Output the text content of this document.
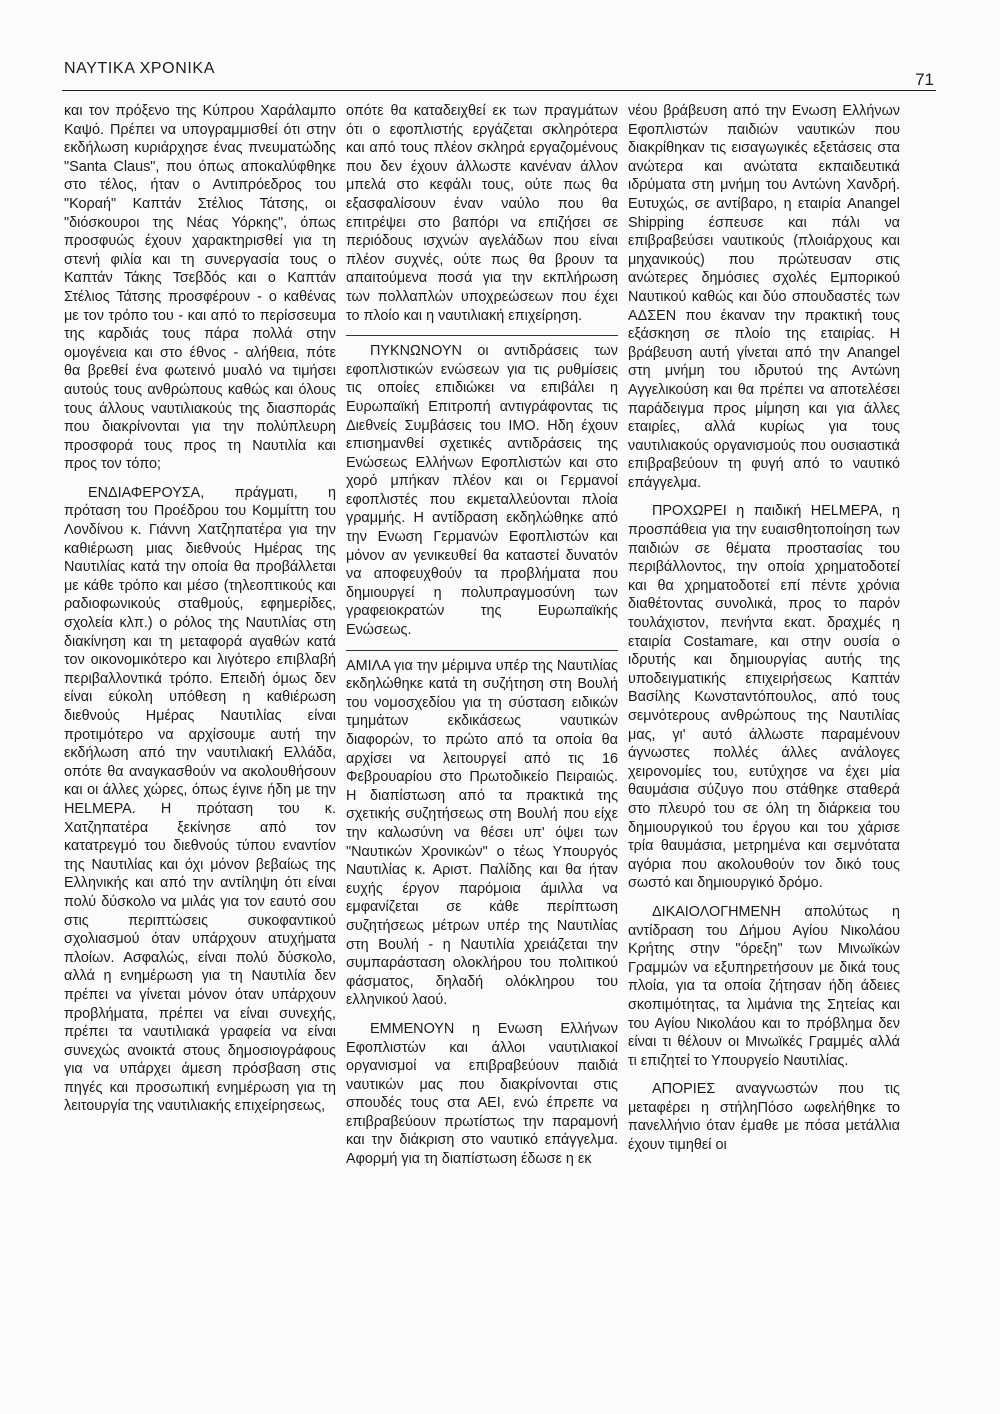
ΝΑΥΤΙΚΑ ΧΡΟΝΙΚΑ
71

και τον πρόξενο της Κύπρου Χαράλαμπο Καψό. Πρέπει να υπογραμμισθεί ότι στην εκδήλωση κυριάρχησε ένας πνευματώδης "Santa Claus", που όπως αποκαλύφθηκε στο τέλος, ήταν ο Αντιπρόεδρος του "Κοραή" Καπτάν Στέλιος Τάτσης, οι "διόσκουροι της Νέας Υόρκης", όπως προσφυώς έχουν χαρακτηρισθεί για τη στενή φιλία και τη συνεργασία τους ο Καπτάν Τάκης Τσεβδός και ο Καπτάν Στέλιος Τάτσης προσφέρουν - ο καθένας με τον τρόπο του - και από το περίσσευμα της καρδιάς τους πάρα πολλά στην ομογένεια και στο έθνος - αλήθεια, πότε θα βρεθεί ένα φωτεινό μυαλό να τιμήσει αυτούς τους ανθρώπους καθώς και όλους τους άλλους ναυτιλιακούς της διασποράς που διακρίνονται για την πολύπλευρη προσφορά τους προς τη Ναυτιλία και προς τον τόπο;

ΕΝΔΙΑΦΕΡΟΥΣΑ, πράγματι, η πρόταση του Προέδρου του Κομμίττη του Λονδίνου κ. Γιάννη Χατζηπατέρα για την καθιέρωση μιας διεθνούς Ημέρας της Ναυτιλίας κατά την οποία θα προβάλλεται με κάθε τρόπο και μέσο (τηλεοπτικούς και ραδιοφωνικούς σταθμούς, εφημερίδες, σχολεία κλπ.) ο ρόλος της Ναυτιλίας στη διακίνηση και τη μεταφορά αγαθών κατά τον οικονομικότερο και λιγότερο επιβλαβή περιβαλλοντικά τρόπο. Επειδή όμως δεν είναι εύκολη υπόθεση η καθιέρωση διεθνούς Ημέρας Ναυτιλίας είναι προτιμότερο να αρχίσουμε αυτή την εκδήλωση από την ναυτιλιακή Ελλάδα, οπότε θα αναγκασθούν να ακολουθήσουν και οι άλλες χώρες, όπως έγινε ήδη με την HELMEPA. Η πρόταση του κ. Χατζηπατέρα ξεκίνησε από τον κατατρεγμό του διεθνούς τύπου εναντίον της Ναυτιλίας και όχι μόνον βεβαίως της Ελληνικής και από την αντίληψη ότι είναι πολύ δύσκολο να μιλάς για τον εαυτό σου στις περιπτώσεις συκοφαντικού σχολιασμού όταν υπάρχουν ατυχήματα πλοίων. Ασφαλώς, είναι πολύ δύσκολο, αλλά η ενημέρωση για τη Ναυτιλία δεν πρέπει να γίνεται μόνον όταν υπάρχουν προβλήματα, πρέπει να είναι συνεχής, πρέπει τα ναυτιλιακά γραφεία να είναι συνεχώς ανοικτά στους δημοσιογράφους για να υπάρχει άμεση πρόσβαση στις πηγές και προσωπική ενημέρωση για τη λειτουργία της ναυτιλιακής επιχείρησεως,

οπότε θα καταδειχθεί εκ των πραγμάτων ότι ο εφοπλιστής εργάζεται σκληρότερα και από τους πλέον σκληρά εργαζομένους που δεν έχουν άλλωστε κανέναν άλλον μπελά στο κεφάλι τους, ούτε πως θα εξασφαλίσουν έναν ναύλο που θα επιτρέψει στο βαπόρι να επιζήσει σε περιόδους ισχνών αγελάδων που είναι πλέον συχνές, ούτε πως θα βρουν τα απαιτούμενα ποσά για την εκπλήρωση των πολλαπλών υποχρεώσεων που έχει το πλοίο και η ναυτιλιακή επιχείρηση.

ΠΥΚΝΩΝΟΥΝ οι αντιδράσεις των εφοπλιστικών ενώσεων για τις ρυθμίσεις τις οποίες επιδιώκει να επιβάλει η Ευρωπαϊκή Επιτροπή αντιγράφοντας τις Διεθνείς Συμβάσεις του ΙΜΟ. Ηδη έχουν επισημανθεί σχετικές αντιδράσεις της Ενώσεως Ελλήνων Εφοπλιστών και στο χορό μπήκαν πλέον και οι Γερμανοί εφοπλιστές που εκμεταλλεύονται πλοία γραμμής. Η αντίδραση εκδηλώθηκε από την Ενωση Γερμανών Εφοπλιστών και μόνον αν γενικευθεί θα καταστεί δυνατόν να αποφευχθούν τα προβλήματα που δημιουργεί η πολυπραγμοσύνη των γραφειοκρατών της Ευρωπαϊκής Ενώσεως.

ΑΜΙΛΑ για την μέριμνα υπέρ της Ναυτιλίας εκδηλώθηκε κατά τη συζήτηση στη Βουλή του νομοσχεδίου για τη σύσταση ειδικών τμημάτων εκδικάσεως ναυτικών διαφορών, το πρώτο από τα οποία θα αρχίσει να λειτουργεί από τις 16 Φεβρουαρίου στο Πρωτοδικείο Πειραιώς. Η διαπίστωση από τα πρακτικά της σχετικής συζητήσεως στη Βουλή που είχε την καλωσύνη να θέσει υπ' όψει των "Ναυτικών Χρονικών" ο τέως Υπουργός Ναυτιλίας κ. Αριστ. Παλίδης και θα ήταν ευχής έργον παρόμοια άμιλλα να εμφανίζεται σε κάθε περίπτωση συζητήσεως μέτρων υπέρ της Ναυτιλίας στη Βουλή - η Ναυτιλία χρειάζεται την συμπαράσταση ολοκλήρου του πολιτικού φάσματος, δηλαδή ολόκληρου του ελληνικού λαού.

ΕΜΜΕΝΟΥΝ η Ενωση Ελλήνων Εφοπλιστών και άλλοι ναυτιλιακοί οργανισμοί να επιβραβεύουν παιδιά ναυτικών μας που διακρίνονται στις σπουδές τους στα ΑΕΙ, ενώ έπρεπε να επιβραβεύουν πρωτίστως την παραμονή και την διάκριση στο ναυτικό επάγγελμα. Αφορμή για τη διαπίστωση έδωσε η εκ

νέου βράβευση από την Ενωση Ελλήνων Εφοπλιστών παιδιών ναυτικών που διακρίθηκαν τις εισαγωγικές εξετάσεις στα ανώτερα και ανώτατα εκπαιδευτικά ιδρύματα στη μνήμη του Αντώνη Χανδρή. Ευτυχώς, σε αντίβαρο, η εταιρία Anangel Shipping έσπευσε και πάλι να επιβραβεύσει ναυτικούς (πλοιάρχους και μηχανικούς) που πρώτευσαν στις ανώτερες δημόσιες σχολές Εμπορικού Ναυτικού καθώς και δύο σπουδαστές των ΑΔΣΕΝ που έκαναν την πρακτική τους εξάσκηση σε πλοίο της εταιρίας. Η βράβευση αυτή γίνεται από την Anangel στη μνήμη του ιδρυτού της Αντώνη Αγγελικούση και θα πρέπει να αποτελέσει παράδειγμα προς μίμηση και για άλλες εταιρίες, αλλά κυρίως για τους ναυτιλιακούς οργανισμούς που ουσιαστικά επιβραβεύουν τη φυγή από το ναυτικό επάγγελμα.

ΠΡΟΧΩΡΕΙ η παιδική HELMEPA, η προσπάθεια για την ευαισθητοποίηση των παιδιών σε θέματα προστασίας του περιβάλλοντος, την οποία χρηματοδοτεί και θα χρηματοδοτεί επί πέντε χρόνια διαθέτοντας συνολικά, προς το παρόν τουλάχιστον, πενήντα εκατ. δραχμές η εταιρία Costamare, και στην ουσία ο ιδρυτής και δημιουργίας αυτής της υποδειγματικής επιχειρήσεως Καπτάν Βασίλης Κωνσταντόπουλος, από τους σεμνότερους ανθρώπους της Ναυτιλίας μας, γι' αυτό άλλωστε παραμένουν άγνωστες πολλές άλλες ανάλογες χειρονομίες του, ευτύχησε να έχει μία θαυμάσια σύζυγο που στάθηκε σταθερά στο πλευρό του σε όλη τη διάρκεια του δημιουργικού του έργου και του χάρισε τρία θαυμάσια, μετρημένα και σεμνότατα αγόρια που ακολουθούν τον δικό τους σωστό και δημιουργικό δρόμο.

ΔΙΚΑΙΟΛΟΓΗΜΕΝΗ απολύτως η αντίδραση του Δήμου Αγίου Νικολάου Κρήτης στην "όρεξη" των Μινωϊκών Γραμμών να εξυπηρετήσουν με δικά τους πλοία, για τα οποία ζήτησαν ήδη άδειες σκοπιμότητας, τα λιμάνια της Σητείας και του Αγίου Νικολάου και το πρόβλημα δεν είναι τι θέλουν οι Μινωϊκές Γραμμές αλλά τι επιζητεί το Υπουργείο Ναυτιλίας.

ΑΠΟΡΙΕΣ αναγνωστών που τις μεταφέρει η στήληΠόσο ωφελήθηκε το πανελλήνιο όταν έμαθε με πόσα μετάλλια έχουν τιμηθεί οι
